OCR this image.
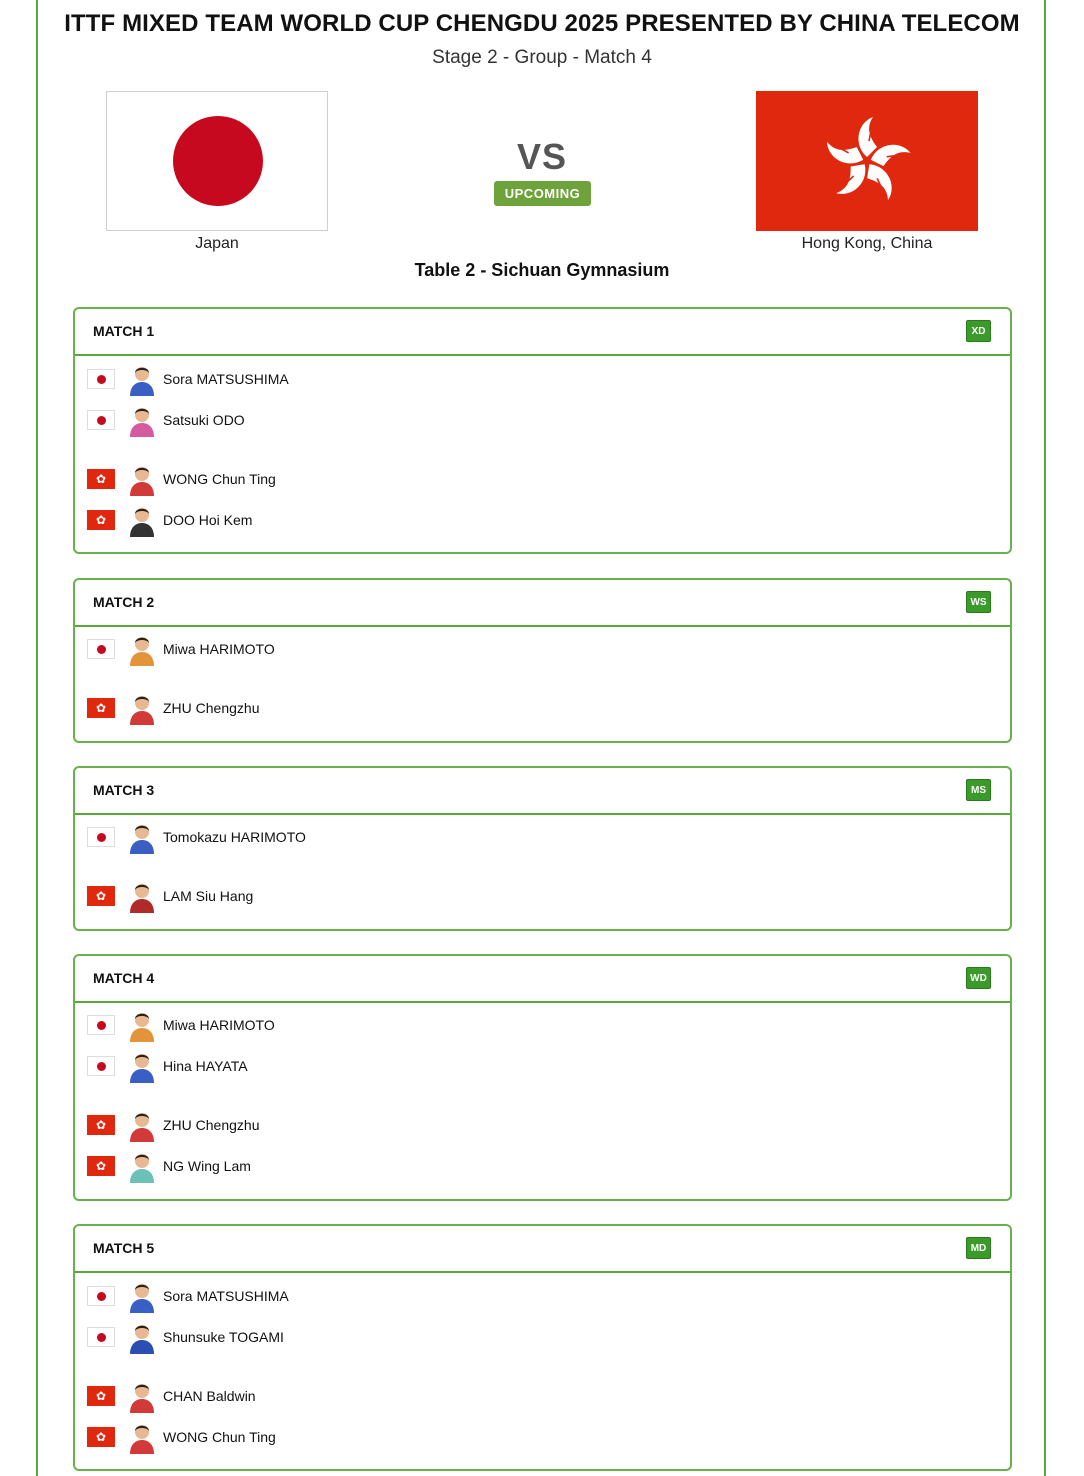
ITTF MIXED TEAM WORLD CUP CHENGDU 2025 PRESENTED BY CHINA TELECOM
Stage 2 - Group - Match 4
Japan
VS
UPCOMING
Hong Kong, China
Table 2 - Sichuan Gymnasium
MATCH 1	XD
Sora MATSUSHIMA
Satsuki ODO
✿	WONG Chun Ting
✿	DOO Hoi Kem
MATCH 2	WS
Miwa HARIMOTO
✿	ZHU Chengzhu
MATCH 3	MS
Tomokazu HARIMOTO
✿	LAM Siu Hang
MATCH 4	WD
Miwa HARIMOTO
Hina HAYATA
✿	ZHU Chengzhu
✿	NG Wing Lam
MATCH 5	MD
Sora MATSUSHIMA
Shunsuke TOGAMI
✿	CHAN Baldwin
✿	WONG Chun Ting
